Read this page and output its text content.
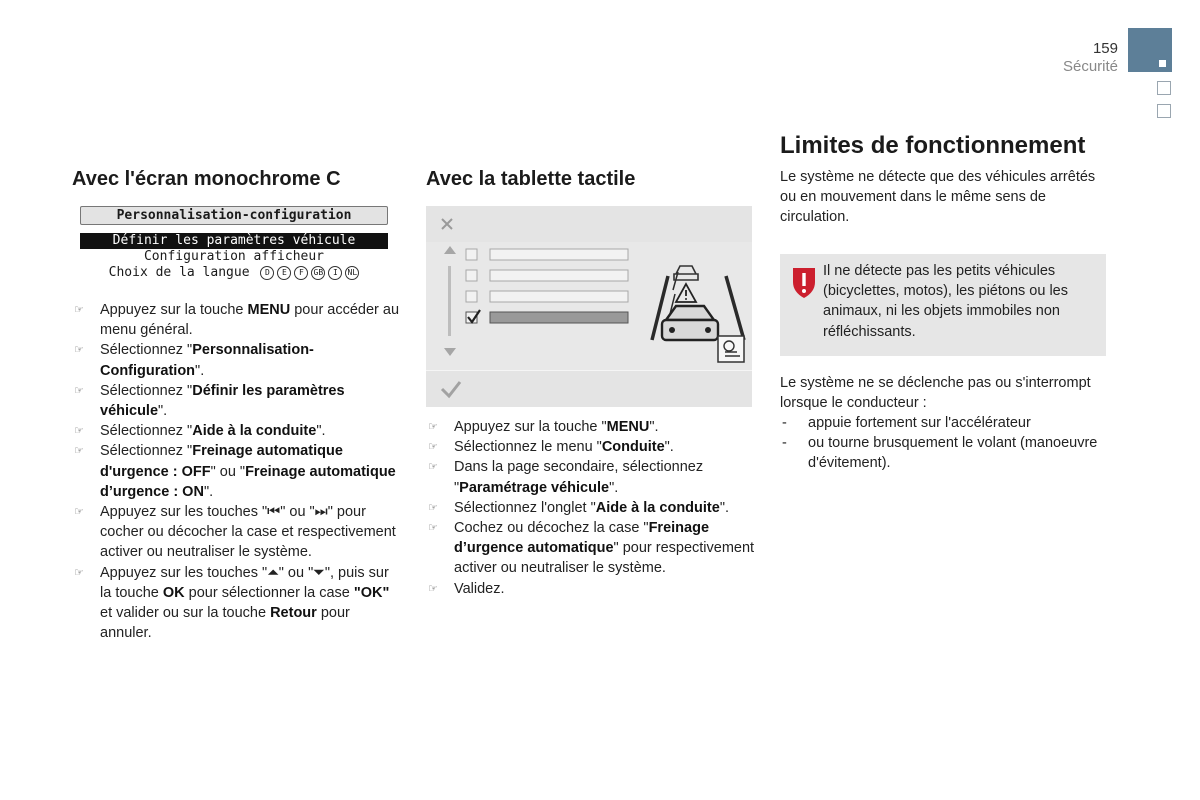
159
Sécurité
Avec l'écran monochrome C
Personnalisation-configuration
Définir les paramètres véhicule
Configuration afficheur
Choix de la langue D E F GB I NL
☞ Appuyez sur la touche MENU pour accéder au menu général.
☞ Sélectionnez "Personnalisation-Configuration".
☞ Sélectionnez "Définir les paramètres véhicule".
☞ Sélectionnez "Aide à la conduite".
☞ Sélectionnez "Freinage automatique d'urgence : OFF" ou "Freinage automatique d’urgence : ON".
☞ Appuyez sur les touches "⏮" ou "⏭" pour cocher ou décocher la case et respectivement activer ou neutraliser le système.
☞ Appuyez sur les touches "⏶" ou "⏷", puis sur la touche OK pour sélectionner la case "OK" et valider ou sur la touche Retour pour annuler.
Avec la tablette tactile
☞ Appuyez sur la touche "MENU".
☞ Sélectionnez le menu "Conduite".
☞ Dans la page secondaire, sélectionnez "Paramétrage véhicule".
☞ Sélectionnez l'onglet "Aide à la conduite".
☞ Cochez ou décochez la case "Freinage d’urgence automatique" pour respectivement activer ou neutraliser le système.
☞ Validez.
Limites de fonctionnement
Le système ne détecte que des véhicules arrêtés ou en mouvement dans le même sens de circulation.
Il ne détecte pas les petits véhicules (bicyclettes, motos), les piétons ou les animaux, ni les objets immobiles non réfléchissants.
Le système ne se déclenche pas ou s'interrompt lorsque le conducteur :
- appuie fortement sur l'accélérateur
- ou tourne brusquement le volant (manoeuvre d'évitement).
